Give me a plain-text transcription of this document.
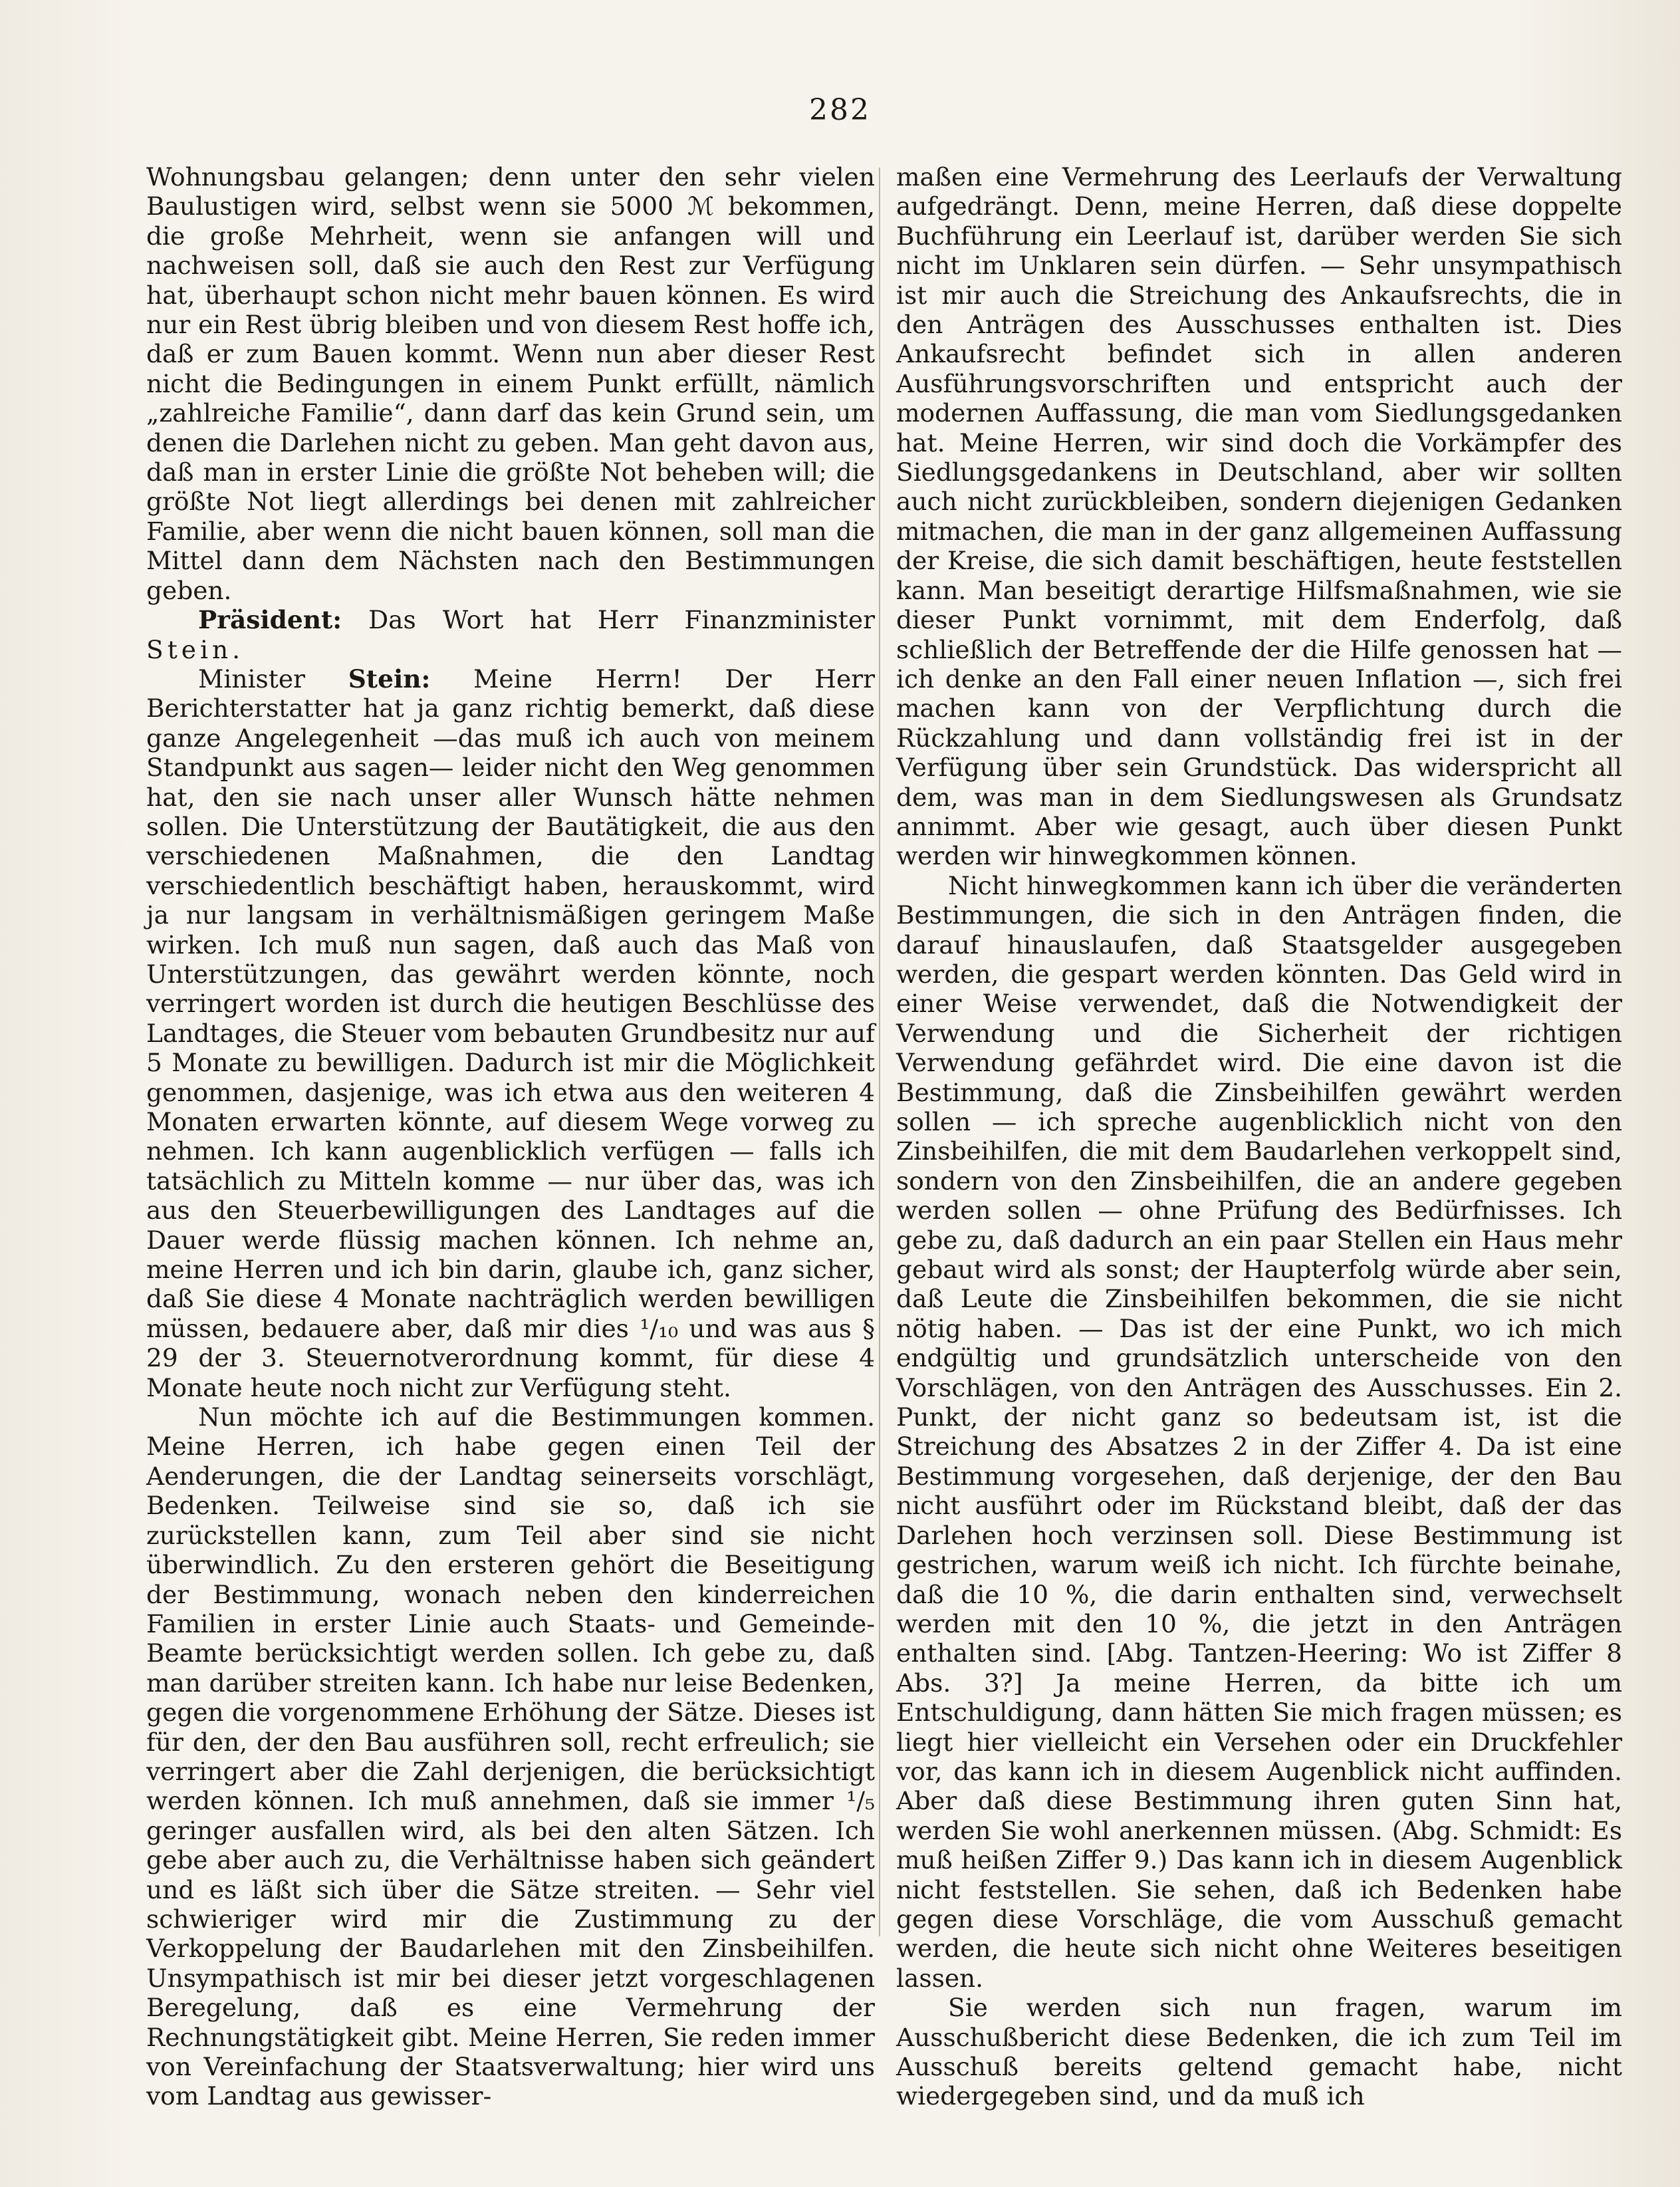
282

Wohnungsbau gelangen; denn unter den sehr vielen Baulustigen wird, selbst wenn sie 5000 ℳ bekommen, die große Mehrheit, wenn sie anfangen will und nachweisen soll, daß sie auch den Rest zur Verfügung hat, überhaupt schon nicht mehr bauen können. Es wird nur ein Rest übrig bleiben und von diesem Rest hoffe ich, daß er zum Bauen kommt. Wenn nun aber dieser Rest nicht die Bedingungen in einem Punkt erfüllt, nämlich „zahlreiche Familie“, dann darf das kein Grund sein, um denen die Darlehen nicht zu geben. Man geht davon aus, daß man in erster Linie die größte Not beheben will; die größte Not liegt allerdings bei denen mit zahlreicher Familie, aber wenn die nicht bauen können, soll man die Mittel dann dem Nächsten nach den Bestimmungen geben.

Präsident: Das Wort hat Herr Finanzminister Stein.

Minister Stein: Meine Herrn! Der Herr Berichterstatter hat ja ganz richtig bemerkt, daß diese ganze Angelegenheit —das muß ich auch von meinem Standpunkt aus sagen— leider nicht den Weg genommen hat, den sie nach unser aller Wunsch hätte nehmen sollen. Die Unterstützung der Bautätigkeit, die aus den verschiedenen Maßnahmen, die den Landtag verschiedentlich beschäftigt haben, herauskommt, wird ja nur langsam in verhältnismäßigen geringem Maße wirken. Ich muß nun sagen, daß auch das Maß von Unterstützungen, das gewährt werden könnte, noch verringert worden ist durch die heutigen Beschlüsse des Landtages, die Steuer vom bebauten Grundbesitz nur auf 5 Monate zu bewilligen. Dadurch ist mir die Möglichkeit genommen, dasjenige, was ich etwa aus den weiteren 4 Monaten erwarten könnte, auf diesem Wege vorweg zu nehmen. Ich kann augenblicklich verfügen — falls ich tatsächlich zu Mitteln komme — nur über das, was ich aus den Steuerbewilligungen des Landtages auf die Dauer werde flüssig machen können. Ich nehme an, meine Herren und ich bin darin, glaube ich, ganz sicher, daß Sie diese 4 Monate nachträglich werden bewilligen müssen, bedauere aber, daß mir dies ¹/₁₀ und was aus § 29 der 3. Steuernotverordnung kommt, für diese 4 Monate heute noch nicht zur Verfügung steht.

Nun möchte ich auf die Bestimmungen kommen. Meine Herren, ich habe gegen einen Teil der Aenderungen, die der Landtag seinerseits vorschlägt, Bedenken. Teilweise sind sie so, daß ich sie zurückstellen kann, zum Teil aber sind sie nicht überwindlich. Zu den ersteren gehört die Beseitigung der Bestimmung, wonach neben den kinderreichen Familien in erster Linie auch Staats- und Gemeinde-Beamte berücksichtigt werden sollen. Ich gebe zu, daß man darüber streiten kann. Ich habe nur leise Bedenken, gegen die vorgenommene Erhöhung der Sätze. Dieses ist für den, der den Bau ausführen soll, recht erfreulich; sie verringert aber die Zahl derjenigen, die berücksichtigt werden können. Ich muß annehmen, daß sie immer ¹/₅ geringer ausfallen wird, als bei den alten Sätzen. Ich gebe aber auch zu, die Verhältnisse haben sich geändert und es läßt sich über die Sätze streiten. — Sehr viel schwieriger wird mir die Zustimmung zu der Verkoppelung der Baudarlehen mit den Zinsbeihilfen. Unsympathisch ist mir bei dieser jetzt vorgeschlagenen Beregelung, daß es eine Vermehrung der Rechnungstätigkeit gibt. Meine Herren, Sie reden immer von Vereinfachung der Staatsverwaltung; hier wird uns vom Landtag aus gewisser-

maßen eine Vermehrung des Leerlaufs der Verwaltung aufgedrängt. Denn, meine Herren, daß diese doppelte Buchführung ein Leerlauf ist, darüber werden Sie sich nicht im Unklaren sein dürfen. — Sehr unsympathisch ist mir auch die Streichung des Ankaufsrechts, die in den Anträgen des Ausschusses enthalten ist. Dies Ankaufsrecht befindet sich in allen anderen Ausführungsvorschriften und entspricht auch der modernen Auffassung, die man vom Siedlungsgedanken hat. Meine Herren, wir sind doch die Vorkämpfer des Siedlungsgedankens in Deutschland, aber wir sollten auch nicht zurückbleiben, sondern diejenigen Gedanken mitmachen, die man in der ganz allgemeinen Auffassung der Kreise, die sich damit beschäftigen, heute feststellen kann. Man beseitigt derartige Hilfsmaßnahmen, wie sie dieser Punkt vornimmt, mit dem Enderfolg, daß schließlich der Betreffende der die Hilfe genossen hat — ich denke an den Fall einer neuen Inflation —, sich frei machen kann von der Verpflichtung durch die Rückzahlung und dann vollständig frei ist in der Verfügung über sein Grundstück. Das widerspricht all dem, was man in dem Siedlungswesen als Grundsatz annimmt. Aber wie gesagt, auch über diesen Punkt werden wir hinwegkommen können.

Nicht hinwegkommen kann ich über die veränderten Bestimmungen, die sich in den Anträgen finden, die darauf hinauslaufen, daß Staatsgelder ausgegeben werden, die gespart werden könnten. Das Geld wird in einer Weise verwendet, daß die Notwendigkeit der Verwendung und die Sicherheit der richtigen Verwendung gefährdet wird. Die eine davon ist die Bestimmung, daß die Zinsbeihilfen gewährt werden sollen — ich spreche augenblicklich nicht von den Zinsbeihilfen, die mit dem Baudarlehen verkoppelt sind, sondern von den Zinsbeihilfen, die an andere gegeben werden sollen — ohne Prüfung des Bedürfnisses. Ich gebe zu, daß dadurch an ein paar Stellen ein Haus mehr gebaut wird als sonst; der Haupterfolg würde aber sein, daß Leute die Zinsbeihilfen bekommen, die sie nicht nötig haben. — Das ist der eine Punkt, wo ich mich endgültig und grundsätzlich unterscheide von den Vorschlägen, von den Anträgen des Ausschusses. Ein 2. Punkt, der nicht ganz so bedeutsam ist, ist die Streichung des Absatzes 2 in der Ziffer 4. Da ist eine Bestimmung vorgesehen, daß derjenige, der den Bau nicht ausführt oder im Rückstand bleibt, daß der das Darlehen hoch verzinsen soll. Diese Bestimmung ist gestrichen, warum weiß ich nicht. Ich fürchte beinahe, daß die 10 %, die darin enthalten sind, verwechselt werden mit den 10 %, die jetzt in den Anträgen enthalten sind. [Abg. Tantzen-Heering: Wo ist Ziffer 8 Abs. 3?] Ja meine Herren, da bitte ich um Entschuldigung, dann hätten Sie mich fragen müssen; es liegt hier vielleicht ein Versehen oder ein Druckfehler vor, das kann ich in diesem Augenblick nicht auffinden. Aber daß diese Bestimmung ihren guten Sinn hat, werden Sie wohl anerkennen müssen. (Abg. Schmidt: Es muß heißen Ziffer 9.) Das kann ich in diesem Augenblick nicht feststellen. Sie sehen, daß ich Bedenken habe gegen diese Vorschläge, die vom Ausschuß gemacht werden, die heute sich nicht ohne Weiteres beseitigen lassen.

Sie werden sich nun fragen, warum im Ausschußbericht diese Bedenken, die ich zum Teil im Ausschuß bereits geltend gemacht habe, nicht wiedergegeben sind, und da muß ich
